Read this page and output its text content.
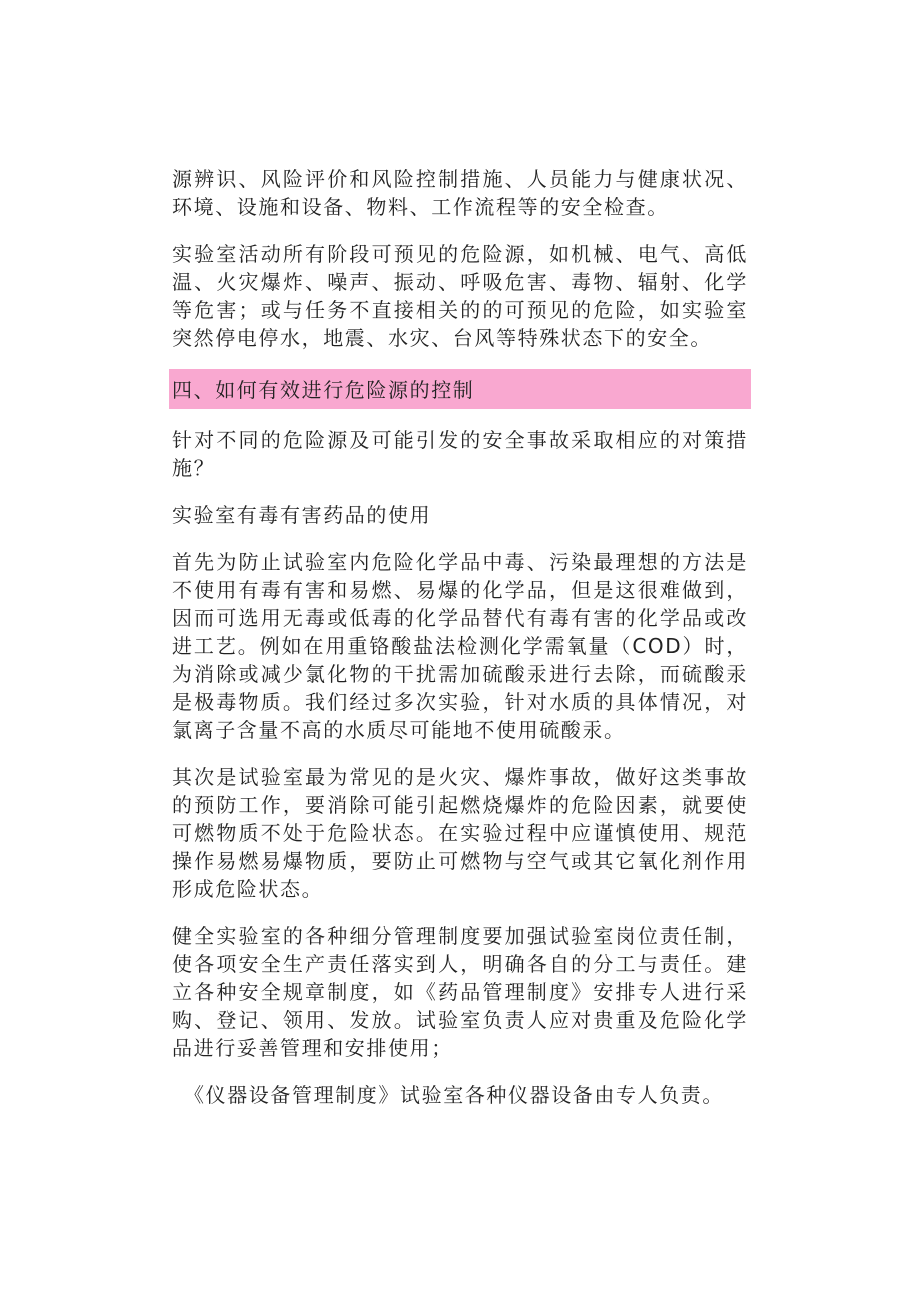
源辨识、风险评价和风险控制措施、人员能力与健康状况、环境、设施和设备、物料、工作流程等的安全检查。

实验室活动所有阶段可预见的危险源，如机械、电气、高低温、火灾爆炸、噪声、振动、呼吸危害、毒物、辐射、化学等危害；或与任务不直接相关的的可预见的危险，如实验室突然停电停水，地震、水灾、台风等特殊状态下的安全。

四、如何有效进行危险源的控制

针对不同的危险源及可能引发的安全事故采取相应的对策措施？

实验室有毒有害药品的使用

首先为防止试验室内危险化学品中毒、污染最理想的方法是不使用有毒有害和易燃、易爆的化学品，但是这很难做到，因而可选用无毒或低毒的化学品替代有毒有害的化学品或改进工艺。例如在用重铬酸盐法检测化学需氧量（COD）时，为消除或减少氯化物的干扰需加硫酸汞进行去除，而硫酸汞是极毒物质。我们经过多次实验，针对水质的具体情况，对氯离子含量不高的水质尽可能地不使用硫酸汞。

其次是试验室最为常见的是火灾、爆炸事故，做好这类事故的预防工作，要消除可能引起燃烧爆炸的危险因素，就要使可燃物质不处于危险状态。在实验过程中应谨慎使用、规范操作易燃易爆物质，要防止可燃物与空气或其它氧化剂作用形成危险状态。

健全实验室的各种细分管理制度要加强试验室岗位责任制，使各项安全生产责任落实到人，明确各自的分工与责任。建立各种安全规章制度，如《药品管理制度》安排专人进行采购、登记、领用、发放。试验室负责人应对贵重及危险化学品进行妥善管理和安排使用；

《仪器设备管理制度》试验室各种仪器设备由专人负责。
